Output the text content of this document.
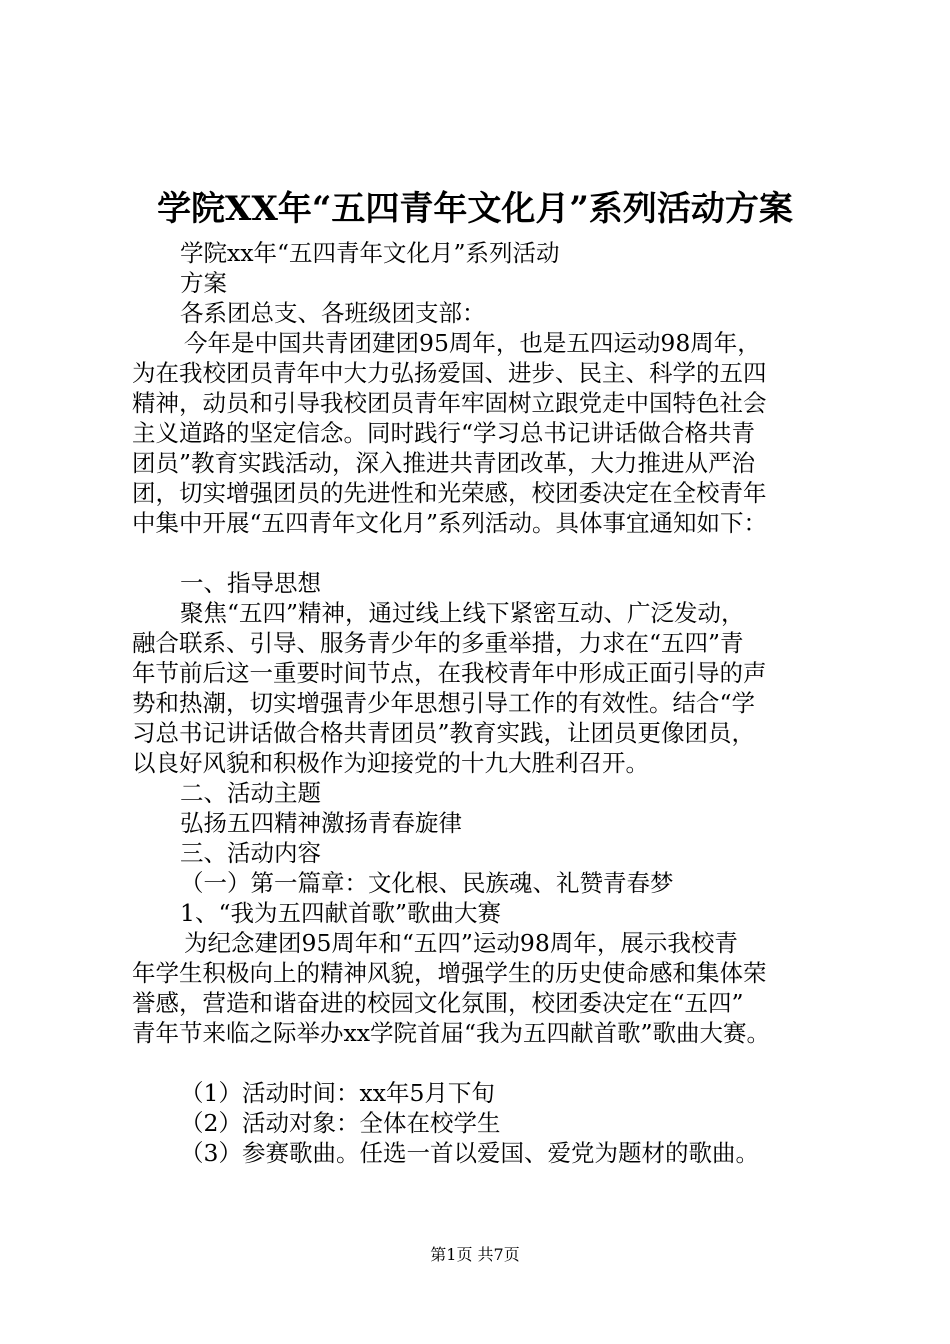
学院XX年“五四青年文化月”系列活动方案
学院xx年“五四青年文化月”系列活动
方案
各系团总支、各班级团支部：
今年是中国共青团建团95周年，也是五四运动98周年，
为在我校团员青年中大力弘扬爱国、进步、民主、科学的五四
精神，动员和引导我校团员青年牢固树立跟党走中国特色社会
主义道路的坚定信念。同时践行“学习总书记讲话做合格共青
团员”教育实践活动，深入推进共青团改革，大力推进从严治
团，切实增强团员的先进性和光荣感，校团委决定在全校青年
中集中开展“五四青年文化月”系列活动。具体事宜通知如下：
一、指导思想
聚焦“五四”精神，通过线上线下紧密互动、广泛发动，
融合联系、引导、服务青少年的多重举措，力求在“五四”青
年节前后这一重要时间节点，在我校青年中形成正面引导的声
势和热潮，切实增强青少年思想引导工作的有效性。结合“学
习总书记讲话做合格共青团员”教育实践，让团员更像团员，
以良好风貌和积极作为迎接党的十九大胜利召开。
二、活动主题
弘扬五四精神激扬青春旋律
三、活动内容
（一）第一篇章：文化根、民族魂、礼赞青春梦
1、“我为五四献首歌”歌曲大赛
为纪念建团95周年和“五四”运动98周年，展示我校青
年学生积极向上的精神风貌，增强学生的历史使命感和集体荣
誉感，营造和谐奋进的校园文化氛围，校团委决定在“五四”
青年节来临之际举办xx学院首届“我为五四献首歌”歌曲大赛。
（1）活动时间：xx年5月下旬
（2）活动对象：全体在校学生
（3）参赛歌曲。任选一首以爱国、爱党为题材的歌曲。
第1页 共7页
